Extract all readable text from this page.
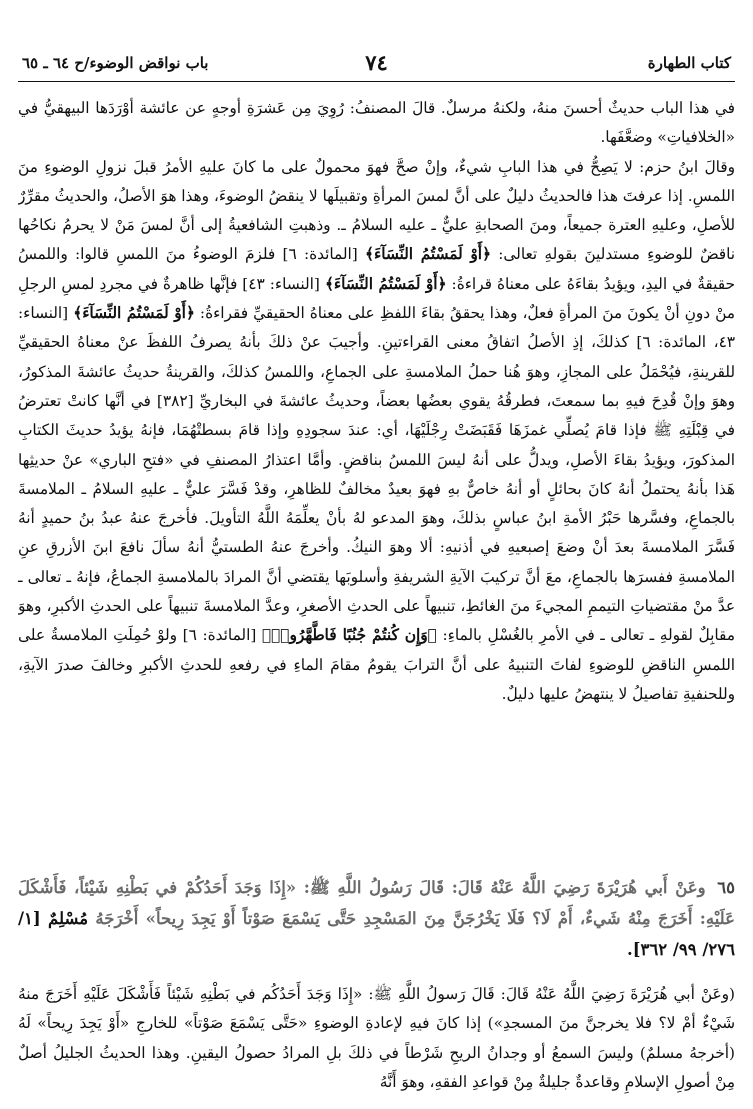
كتاب الطهارة
٧٤
باب نواقض الوضوء/ح ٦٤ ـ ٦٥

في هذا الباب حديثٌ أحسنَ منهُ، ولكنهُ مرسلٌ. قالَ المصنفُ: رُوِيَ مِن عَشرَةِ أوجهٍ عن عائشة أوْرَدَها البيهقيُّ في «الخلافياتِ» وضعَّفَها.

وقالَ ابنُ حزم: لا يَصِحُّ في هذا البابِ شيءٌ، وإنْ صحَّ فهوَ محمولٌ على ما كانَ عليهِ الأمرُ قبلَ نزولِ الوضوءِ منَ اللمسِ. إذا عرفتَ هذا فالحديثُ دليلٌ على أنَّ لمسَ المرأةِ وتقبيلَها لا ينقضُ الوضوءَ، وهذا هوَ الأصلُ، والحديثُ مقرِّرٌ للأصلِ، وعليهِ العترة جميعاً، ومنَ الصحابةِ عليٌّ ـ عليه السلامُ ـ. وذهبتِ الشافعيةُ إلى أنَّ لمسَ مَنْ لا يحرمُ نكاحُها ناقضٌ للوضوءِ مستدلينَ بقولهِ تعالى: ﴿أَوْ لَمَسْتُمُ النِّسَآءَ﴾ [المائدة: ٦] فلزمَ الوضوءُ منَ اللمسِ قالوا: واللمسُ حقيقةٌ في اليدِ، ويؤيدُ بقاءَهُ على معناهُ قراءةُ: ﴿أَوْ لَمَسْتُمُ النِّسَآءَ﴾ [النساء: ٤٣] فإنَّها ظاهرةٌ في مجردِ لمسِ الرجلِ منْ دونِ أنْ يكونَ منَ المرأةِ فعلٌ، وهذا يحققُ بقاءَ اللفظِ على معناهُ الحقيقيِّ فقراءةُ: ﴿أَوْ لَمَسْتُمُ النِّسَآءَ﴾ [النساء: ٤٣، المائدة: ٦] كذلكَ، إذِ الأصلُ اتفاقُ معنى القراءتينِ. وأجيبَ عنْ ذلكَ بأنهُ يصرفُ اللفظَ عنْ معناهُ الحقيقيِّ للقرينةِ، فيُحْمَلُ على المجازِ، وهوَ هُنا حملُ الملامسةِ على الجماعِ، واللمسُ كذلكَ، والقرينةُ حديثُ عائشةَ المذكورُ، وهوَ وإنْ قُدِحَ فيهِ بما سمعتَ، فطرقُهُ يقوي بعضُها بعضاً، وحديثُ عائشةَ في البخاريِّ [٣٨٢] في أنَّها كانتْ تعترضُ في قِبْلَتِهِ ﷺ فإذا قامَ يُصلِّي غمزَهَا فَقَبَضَتْ رِجْلَيْهَا، أي: عندَ سجودِهِ وإذا قامَ بسطتْهُمَا، فإنهُ يؤيدُ حديثَ الكتابِ المذكورَ، ويؤيدُ بقاءَ الأصلِ، ويدلُّ على أنهُ ليسَ اللمسُ بناقضٍ. وأمَّا اعتذارُ المصنفِ في «فتحِ الباري» عنْ حديثِها هَذا بأنهُ يحتملُ أنهُ كانَ بحائلٍ أو أنهُ خاصٌّ بهِ فهوَ بعيدٌ مخالفٌ للظاهرِ، وقدْ فَسَّرَ عليٌّ ـ عليهِ السلامُ ـ الملامسةَ بالجماعِ، وفسَّرها حَبْرُ الأمةِ ابنُ عباسٍ بذلكَ، وهوَ المدعو لهُ بأنْ يعلِّمَهُ اللَّهُ التأويلَ. فأخرجَ عنهُ عبدُ بنُ حميدٍ أنهُ فَسَّرَ الملامسةَ بعدَ أنْ وضعَ إصبعيهِ في أذنيهِ: ألا وهوَ النيكُ. وأخرجَ عنهُ الطستيُّ أنهُ سألَ نافعَ ابنَ الأزرقِ عنِ الملامسةِ ففسرَها بالجماعِ، معَ أنَّ تركيبَ الآيةِ الشريفةِ وأسلوبَها يقتضي أنَّ المرادَ بالملامسةِ الجماعُ، فإنهُ ـ تعالى ـ عدَّ منْ مقتضياتِ التيممِ المجيءَ منَ الغائطِ، تنبيهاً على الحدثِ الأصغرِ، وعدَّ الملامسةَ تنبيهاً على الحدثِ الأكبرِ، وهوَ مقابِلٌ لقولهِ ـ تعالى ـ في الأمرِ بالغُسْلِ بالماءِ: ﴿وَإِن كُنتُمْ جُنُبًا فَاطَّهَّرُوا۟﴾ [المائدة: ٦] ولوْ حُمِلَتِ الملامسةُ على اللمسِ الناقضِ للوضوءِ لفاتَ التنبيهُ على أنَّ الترابَ يقومُ مقامَ الماءِ في رفعهِ للحدثِ الأكبرِ وخالفَ صدرَ الآيةِ، وللحنفيةِ تفاصيلُ لا ينتهضُ عليها دليلٌ.

٦٥ وعَنْ أَبي هُرَيْرَةَ رَضِيَ اللَّهُ عَنْهُ قَالَ: قَالَ رَسُولُ اللَّهِ ﷺ: «إِذَا وَجَدَ أَحَدُكُمْ في بَطْنِهِ شَيْئاً، فَأَشْكَلَ عَلَيْهِ: أَخَرَجَ مِنْهُ شَيءٌ، أَمْ لَا؟ فَلَا يَخْرُجَنَّ مِنَ المَسْجِدِ حَتَّى يَسْمَعَ صَوْتاً أَوْ يَجِدَ رِيحاً» أَخْرَجَهُ مُسْلِمٌ [١/ ٢٧٦/ ٩٩/ ٣٦٢].

(وعَنْ أبي هُرَيْرَةَ رَضِيَ اللَّهُ عَنْهُ قَالَ: قَالَ رَسولُ اللَّهِ ﷺ: «إِذَا وَجَدَ أَحَدُكُم في بَطْنِهِ شَيْئاً فَأَشْكَلَ عَلَيْهِ أَخَرَجَ منهُ شَيْءٌ أمْ لا؟ فلا يخرجنَّ منَ المسجدِ») إذا كانَ فيهِ لإعادةِ الوضوءِ «حَتَّى يَسْمَعَ صَوْتاً» للخارجِ «أَوْ يَجِدَ رِيحاً» لَهُ (أخرجهُ مسلمٌ) وليسَ السمعُ أو وجدانُ الريحِ شَرْطاً في ذلكَ بلِ المرادُ حصولُ اليقينِ. وهذا الحديثُ الجليلُ أصلٌ مِنْ أصولِ الإسلامِ وقاعدةٌ جليلةٌ مِنْ قواعدِ الفقهِ، وهوَ أَنَّهُ
